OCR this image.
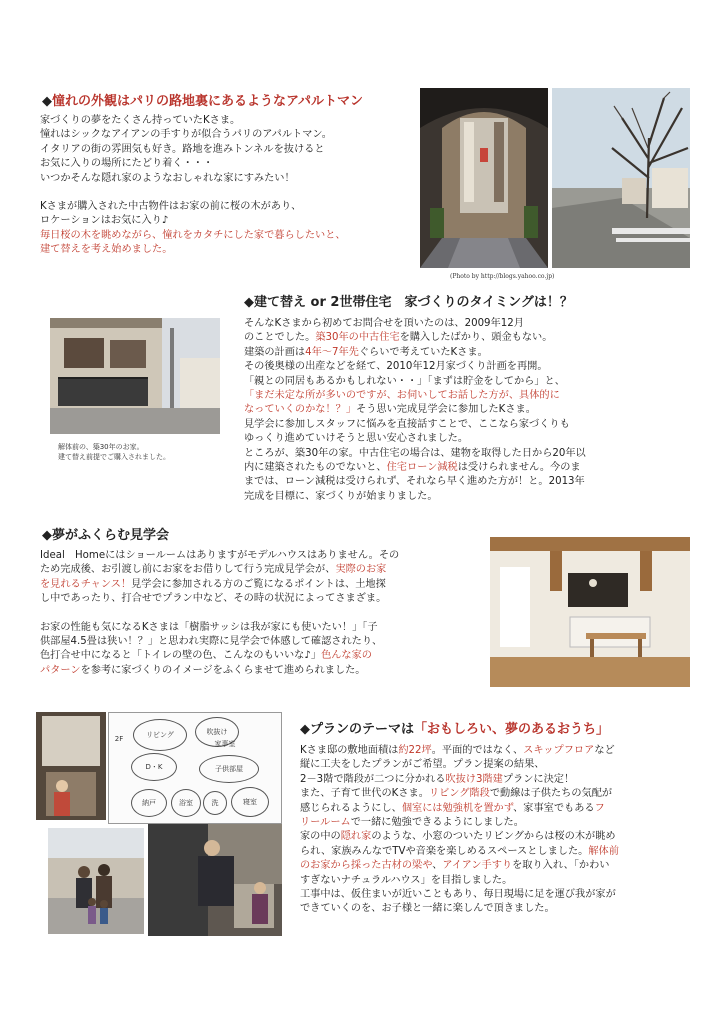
◆憧れの外観はパリの路地裏にあるようなアパルトマン

家づくりの夢をたくさん持っていたKさま。

憧れはシックなアイアンの手すりが似合うパリのアパルトマン。

イタリアの街の雰囲気も好き。路地を進みトンネルを抜けると

お気に入りの場所にたどり着く・・・

いつかそんな隠れ家のようなおしゃれな家にすみたい！

Kさまが購入された中古物件はお家の前に桜の木があり、

ロケーションはお気に入り♪

毎日桜の木を眺めながら、憧れをカタチにした家で暮らしたいと、

建て替えを考え始めました。

(Photo by http://blogs.yahoo.co.jp)
◆建て替え or 2世帯住宅　家づくりのタイミングは！？
解体前の、築30年のお家。
建て替え前提でご購入されました。

そんなKさまから初めてお問合せを頂いたのは、2009年12月

のことでした。築30年の中古住宅を購入したばかり、頭金もない。

建築の計画は4年〜7年先ぐらいで考えていたKさま。

その後奥様の出産などを経て、2010年12月家づくり計画を再開。

「親との同居もあるかもしれない・・」「まずは貯金をしてから」と、

「まだ未定な所が多いのですが、お伺いしてお話した方が、具体的に

なっていくのかな！？」そう思い完成見学会に参加したKさま。

見学会に参加しスタッフに悩みを直接話すことで、ここなら家づくりも

ゆっくり進めていけそうと思い安心されました。

ところが、築30年の家。中古住宅の場合は、建物を取得した日から20年以

内に建築されたものでないと、住宅ローン減税は受けられません。今のま

までは、ローン減税は受けられず、それなら早く進めた方が！と。2013年

完成を目標に、家づくりが始まりました。

◆夢がふくらむ見学会

Ideal　Homeにはショールームはありますがモデルハウスはありません。その

ため完成後、お引渡し前にお家をお借りして行う完成見学会が、実際のお家

を見れるチャンス！見学会に参加される方のご覧になるポイントは、土地探

し中であったり、打合せでプラン中など、その時の状況によってさまざま。

お家の性能も気になるKさまは「樹脂サッシは我が家にも使いたい！」「子

供部屋4.5畳は狭い！？」と思われ実際に見学会で体感して確認されたり、

色打合せ中になると「トイレの壁の色、こんなのもいいな♪」色んな家の

パターンを参考に家づくりのイメージをふくらませて進められました。

リビング	吹抜け
家事室
D・K	子供部屋
納戸	浴室	洗	寝室
2F
◆プランのテーマは「おもしろい、夢のあるおうち」

Kさま邸の敷地面積は約22坪。平面的ではなく、スキップフロアなど

縦に工夫をしたプランがご希望。プラン提案の結果、

2－3階で階段が二つに分かれる吹抜け3階建プランに決定！

また、子育て世代のKさま。リビング階段で動線は子供たちの気配が

感じられるようにし、個室には勉強机を置かず、家事室でもあるフ

リールームで一緒に勉強できるようにしました。

家の中の隠れ家のような、小窓のついたリビングからは桜の木が眺め

られ、家族みんなでTVや音楽を楽しめるスペースとしました。解体前

のお家から採った古材の梁や、アイアン手すりを取り入れ、「かわい

すぎないナチュラルハウス」を目指しました。

工事中は、仮住まいが近いこともあり、毎日現場に足を運び我が家が

できていくのを、お子様と一緒に楽しんで頂きました。
